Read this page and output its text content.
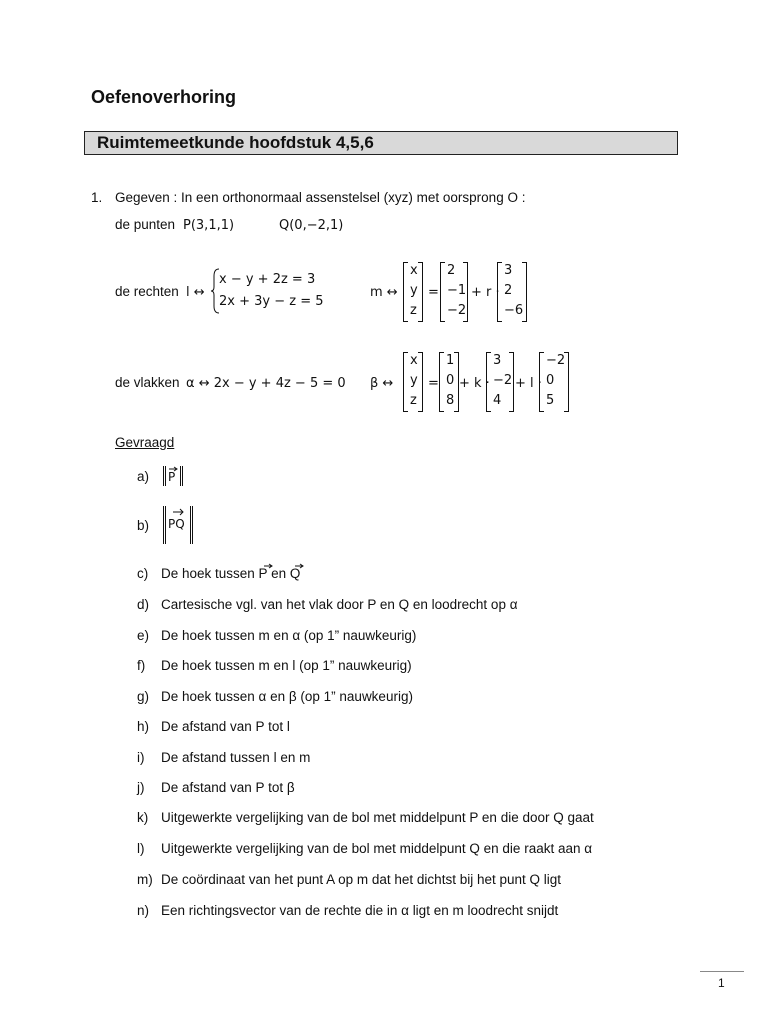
Oefenoverhoring
Ruimtemeetkunde hoofdstuk 4,5,6
1. Gegeven : In een orthonormaal assenstelsel (xyz) met oorsprong O :
de punten P(3,1,1)	Q(0,−2,1)
de rechten l ↔
x − y + 2z = 3
2x + 3y − z = 5
m ↔
x
y
z
=
2
−1
−2
+ r ·
3
2
−6
de vlakken α ↔ 2x − y + 4z − 5 = 0 β ↔
x
y
z
=
1
0
8
+ k ·
3
−2
4
+ l ·
−2
0
5
Gevraagd
a)
b)
c) De hoek tussen P en Q
d) Cartesische vgl. van het vlak door P en Q en loodrecht op α
e) De hoek tussen m en α (op 1” nauwkeurig)
f) De hoek tussen m en l (op 1” nauwkeurig)
g) De hoek tussen α en β (op 1” nauwkeurig)
h) De afstand van P tot l
i) De afstand tussen l en m
j) De afstand van P tot β
k) Uitgewerkte vergelijking van de bol met middelpunt P en die door Q gaat
l) Uitgewerkte vergelijking van de bol met middelpunt Q en die raakt aan α
m) De coördinaat van het punt A op m dat het dichtst bij het punt Q ligt
n) Een richtingsvector van de rechte die in α ligt en m loodrecht snijdt
P
PQ
1
